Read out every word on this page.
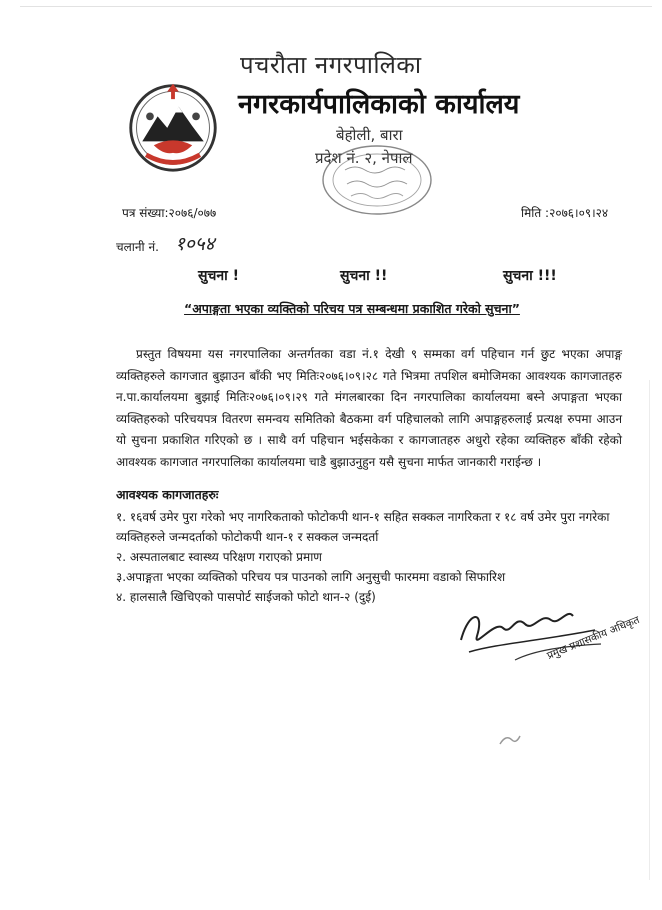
पचरौता नगरपालिका
नगरकार्यपालिकाको कार्यालय
बेहोली, बारा
प्रदेश नं. २, नेपाल
पत्र संख्या:२०७६/०७७	मिति :२०७६।०९।२४
चलानी नं. १०५४
सुचना !	सुचना !!	सुचना !!!
“अपाङ्गता भएका व्यक्तिको परिचय पत्र सम्बन्धमा प्रकाशित गरेको सुचना”
प्रस्तुत विषयमा यस नगरपालिका अन्तर्गतका वडा नं.१ देखी ९ सम्मका वर्ग पहिचान गर्न छुट भएका अपाङ्ग व्यक्तिहरुले कागजात बुझाउन बाँकी भए मितिः२०७६।०९।२८ गते भित्रमा तपशिल बमोजिमका आवश्यक कागजातहरु न.पा.कार्यालयमा बुझाई मितिः२०७६।०९।२९ गते मंगलबारका दिन नगरपालिका कार्यालयमा बस्ने अपाङ्गता भएका व्यक्तिहरुको परिचयपत्र वितरण समन्वय समितिको बैठकमा वर्ग पहिचालको लागि अपाङ्गहरुलाई प्रत्यक्ष रुपमा आउन यो सुचना प्रकाशित गरिएको छ । साथै वर्ग पहिचान भईसकेका र कागजातहरु अधुरो रहेका व्यक्तिहरु बाँकी रहेको आवश्यक कागजात नगरपालिका कार्यालयमा चाडै बुझाउनुहुन यसै सुचना मार्फत जानकारी गराईन्छ ।
आवश्यक कागजातहरुः
१. १६वर्ष उमेर पुरा गरेको भए नागरिकताको फोटोकपी थान-१ सहित सक्कल नागरिकता र १८ वर्ष उमेर पुरा नगरेका व्यक्तिहरुले जन्मदर्ताको फोटोकपी थान-१ र सक्कल जन्मदर्ता
२. अस्पतालबाट स्वास्थ्य परिक्षण गराएको प्रमाण
३.अपाङ्गता भएका व्यक्तिको परिचय पत्र पाउनको लागि अनुसुची फारममा वडाको सिफारिश
४. हालसालै खिचिएको पासपोर्ट साईजको फोटो थान-२ (दुई)
प्रमुख प्रशासकीय अधिकृत
